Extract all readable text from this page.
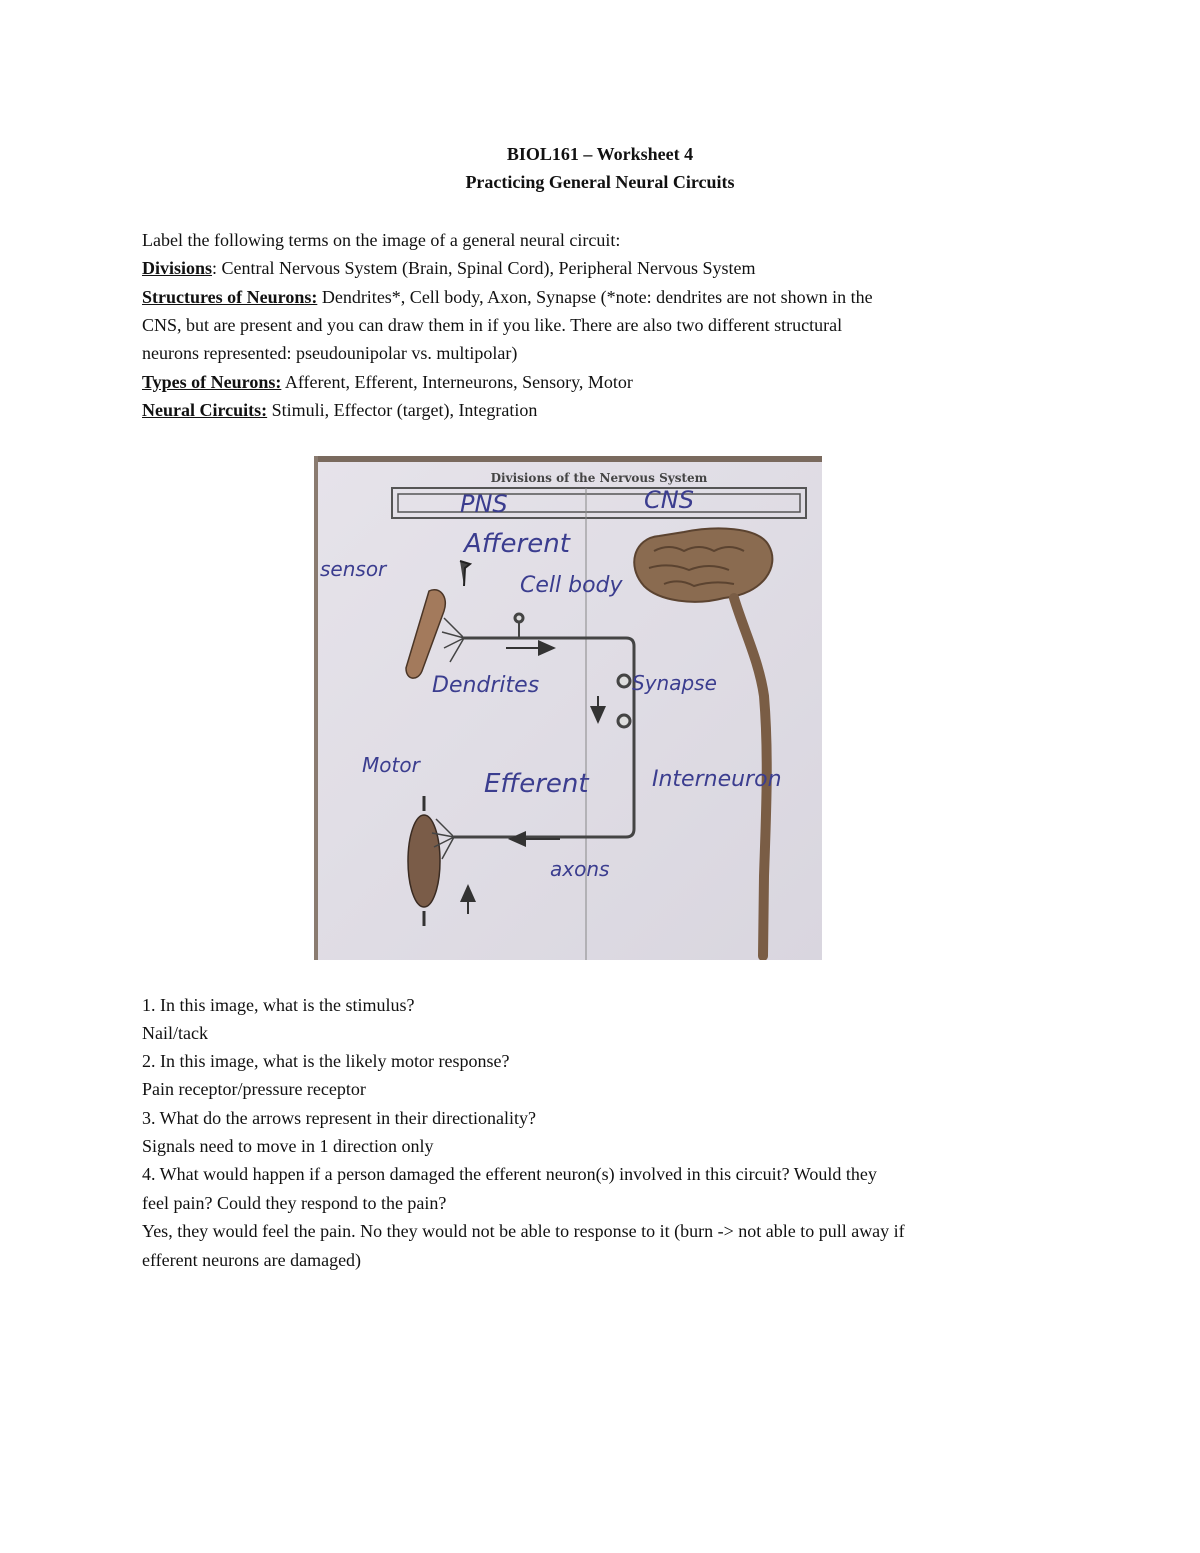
BIOL161 – Worksheet 4
Practicing General Neural Circuits
Label the following terms on the image of a general neural circuit:
Divisions: Central Nervous System (Brain, Spinal Cord), Peripheral Nervous System
Structures of Neurons: Dendrites*, Cell body, Axon, Synapse (*note: dendrites are not shown in the
CNS, but are present and you can draw them in if you like. There are also two different structural
neurons represented: pseudounipolar vs. multipolar)
Types of Neurons: Afferent, Efferent, Interneurons, Sensory, Motor
Neural Circuits: Stimuli, Effector (target), Integration
Divisions of the Nervous System
PNS	CNS
sensor
Afferent
Cell body
Dendrites	Synapse
Motor
Efferent	Interneuron
axons
1. In this image, what is the stimulus?
Nail/tack
2. In this image, what is the likely motor response?
Pain receptor/pressure receptor
3. What do the arrows represent in their directionality?
Signals need to move in 1 direction only
4. What would happen if a person damaged the efferent neuron(s) involved in this circuit? Would they
feel pain? Could they respond to the pain?
Yes, they would feel the pain. No they would not be able to response to it (burn -> not able to pull away if
efferent neurons are damaged)
